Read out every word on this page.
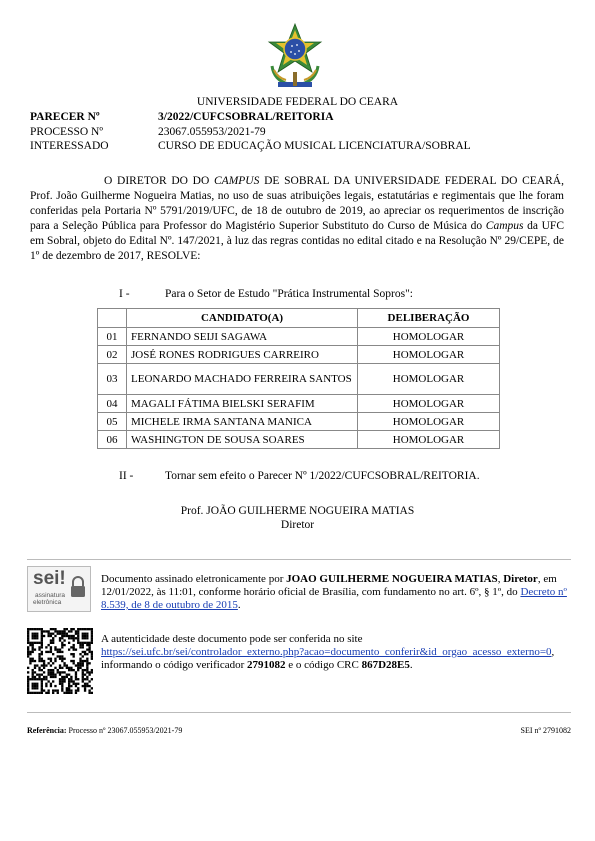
UNIVERSIDADE FEDERAL DO CEARA
PARECER Nº	3/2022/CUFCSOBRAL/REITORIA
PROCESSO Nº	23067.055953/2021-79
INTERESSADO	CURSO DE EDUCAÇÃO MUSICAL LICENCIATURA/SOBRAL
O DIRETOR DO DO CAMPUS DE SOBRAL DA UNIVERSIDADE FEDERAL DO CEARÁ, Prof. João Guilherme Nogueira Matias, no uso de suas atribuições legais, estatutárias e regimentais que lhe foram conferidas pela Portaria Nº 5791/2019/UFC, de 18 de outubro de 2019, ao apreciar os requerimentos de inscrição para a Seleção Pública para Professor do Magistério Superior Substituto do Curso de Música do Campus da UFC em Sobral, objeto do Edital Nº. 147/2021, à luz das regras contidas no edital citado e na Resolução Nº 29/CEPE, de 1º de dezembro de 2017, RESOLVE:
I -	Para o Setor de Estudo "Prática Instrumental Sopros":
	CANDIDATO(A)	DELIBERAÇÃO
01	FERNANDO SEIJI SAGAWA	HOMOLOGAR
02	JOSÉ RONES RODRIGUES CARREIRO	HOMOLOGAR
03	LEONARDO MACHADO FERREIRA SANTOS	HOMOLOGAR
04	MAGALI FÁTIMA BIELSKI SERAFIM	HOMOLOGAR
05	MICHELE IRMA SANTANA MANICA	HOMOLOGAR
06	WASHINGTON DE SOUSA SOARES	HOMOLOGAR
II -	Tornar sem efeito o Parecer Nº 1/2022/CUFCSOBRAL/REITORIA.
Prof. JOÃO GUILHERME NOGUEIRA MATIAS
Diretor
sei!
assinatura
eletrônica
Documento assinado eletronicamente por JOAO GUILHERME NOGUEIRA MATIAS, Diretor, em 12/01/2022, às 11:01, conforme horário oficial de Brasília, com fundamento no art. 6º, § 1º, do Decreto nº 8.539, de 8 de outubro de 2015.
A autenticidade deste documento pode ser conferida no site
https://sei.ufc.br/sei/controlador_externo.php?acao=documento_conferir&id_orgao_acesso_externo=0, informando o código verificador 2791082 e o código CRC 867D28E5.
Referência: Processo nº 23067.055953/2021-79	SEI nº 2791082
